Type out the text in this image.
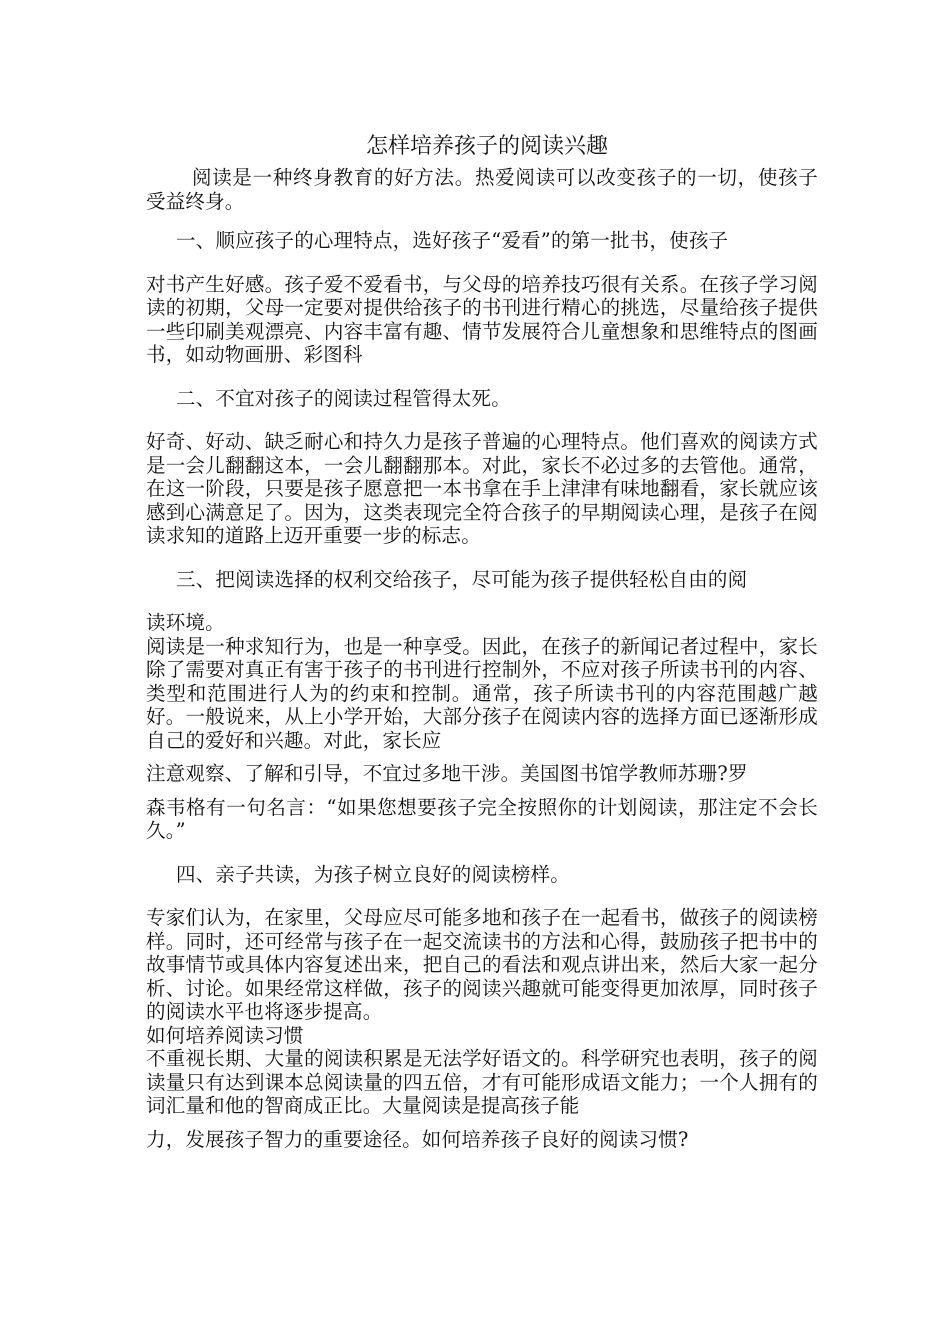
怎样培养孩子的阅读兴趣

阅读是一种终身教育的好方法。热爱阅读可以改变孩子的一切，使孩子受益终身。

一、顺应孩子的心理特点，选好孩子“爱看”的第一批书，使孩子

对书产生好感。孩子爱不爱看书，与父母的培养技巧很有关系。在孩子学习阅读的初期，父母一定要对提供给孩子的书刊进行精心的挑选，尽量给孩子提供一些印刷美观漂亮、内容丰富有趣、情节发展符合儿童想象和思维特点的图画书，如动物画册、彩图科

二、不宜对孩子的阅读过程管得太死。

好奇、好动、缺乏耐心和持久力是孩子普遍的心理特点。他们喜欢的阅读方式是一会儿翻翻这本，一会儿翻翻那本。对此，家长不必过多的去管他。通常，在这一阶段，只要是孩子愿意把一本书拿在手上津津有味地翻看，家长就应该感到心满意足了。因为，这类表现完全符合孩子的早期阅读心理，是孩子在阅读求知的道路上迈开重要一步的标志。

三、把阅读选择的权利交给孩子，尽可能为孩子提供轻松自由的阅

读环境。

阅读是一种求知行为，也是一种享受。因此，在孩子的新闻记者过程中，家长除了需要对真正有害于孩子的书刊进行控制外，不应对孩子所读书刊的内容、类型和范围进行人为的约束和控制。通常，孩子所读书刊的内容范围越广越好。一般说来，从上小学开始，大部分孩子在阅读内容的选择方面已逐渐形成自己的爱好和兴趣。对此，家长应

注意观察、了解和引导，不宜过多地干涉。美国图书馆学教师苏珊?罗

森韦格有一句名言：“如果您想要孩子完全按照你的计划阅读，那注定不会长久。”

四、亲子共读，为孩子树立良好的阅读榜样。

专家们认为，在家里，父母应尽可能多地和孩子在一起看书，做孩子的阅读榜样。同时，还可经常与孩子在一起交流读书的方法和心得，鼓励孩子把书中的故事情节或具体内容复述出来，把自己的看法和观点讲出来，然后大家一起分析、讨论。如果经常这样做，孩子的阅读兴趣就可能变得更加浓厚，同时孩子的阅读水平也将逐步提高。

如何培养阅读习惯

不重视长期、大量的阅读积累是无法学好语文的。科学研究也表明，孩子的阅读量只有达到课本总阅读量的四五倍，才有可能形成语文能力；一个人拥有的词汇量和他的智商成正比。大量阅读是提高孩子能

力，发展孩子智力的重要途径。如何培养孩子良好的阅读习惯?
